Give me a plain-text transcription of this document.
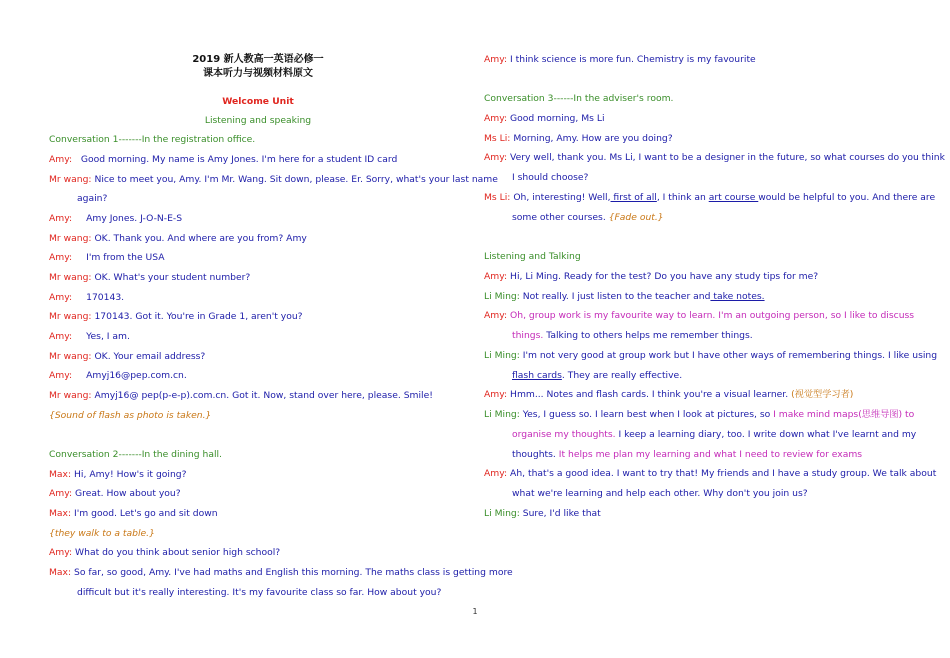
2019 新人教高一英语必修一
课本听力与视频材料原文
Welcome Unit
Listening and speaking
Conversation 1-------In the registration office.
Amy: Good morning. My name is Amy Jones. I'm here for a student ID card
Mr wang: Nice to meet you, Amy. I'm Mr. Wang. Sit down, please. Er. Sorry, what's your last name
again?
Amy: Amy Jones. J-O-N-E-S
Mr wang: OK. Thank you. And where are you from? Amy
Amy: I'm from the USA
Mr wang: OK. What's your student number?
Amy: 170143.
Mr wang: 170143. Got it. You're in Grade 1, aren't you?
Amy: Yes, I am.
Mr wang: OK. Your email address?
Amy: Amyj16@pep.com.cn.
Mr wang: Amyj16@ pep(p-e-p).com.cn. Got it. Now, stand over here, please. Smile!
{Sound of flash as photo is taken.}
Conversation 2-------In the dining hall.
Max: Hi, Amy! How's it going?
Amy: Great. How about you?
Max: I'm good. Let's go and sit down
{they walk to a table.}
Amy: What do you think about senior high school?
Max: So far, so good, Amy. I've had maths and English this morning. The maths class is getting more
difficult but it's really interesting. It's my favourite class so far. How about you?
Amy: I think science is more fun. Chemistry is my favourite
Conversation 3------In the adviser's room.
Amy: Good morning, Ms Li
Ms Li: Morning, Amy. How are you doing?
Amy: Very well, thank you. Ms Li, I want to be a designer in the future, so what courses do you think
I should choose?
Ms Li: Oh, interesting! Well, first of all, I think an art course would be helpful to you. And there are
some other courses. {Fade out.}
Listening and Talking
Amy: Hi, Li Ming. Ready for the test? Do you have any study tips for me?
Li Ming: Not really. I just listen to the teacher and take notes.
Amy: Oh, group work is my favourite way to learn. I'm an outgoing person, so I like to discuss
things. Talking to others helps me remember things.
Li Ming: I'm not very good at group work but I have other ways of remembering things. I like using
flash cards. They are really effective.
Amy: Hmm... Notes and flash cards. I think you're a visual learner. (视觉型学习者)
Li Ming: Yes, I guess so. I learn best when I look at pictures, so I make mind maps(思维导图) to
organise my thoughts. I keep a learning diary, too. I write down what I've learnt and my
thoughts. It helps me plan my learning and what I need to review for exams
Amy: Ah, that's a good idea. I want to try that! My friends and I have a study group. We talk about
what we're learning and help each other. Why don't you join us?
Li Ming: Sure, I'd like that
1
